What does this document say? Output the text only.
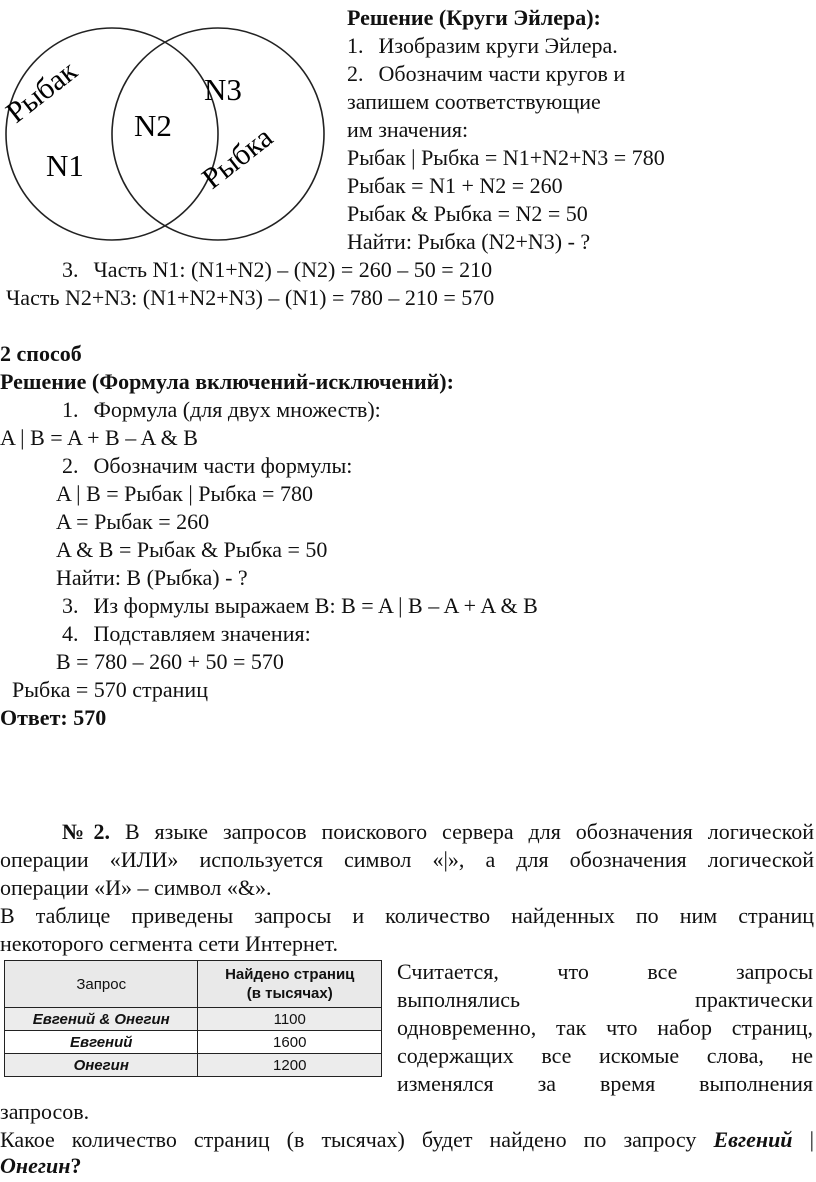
Рыбак
N1
N2
N3
Рыбка
Решение (Круги Эйлера):
1. Изобразим круги Эйлера.
2. Обозначим части кругов и
запишем соответствующие
им значения:
Рыбак | Рыбка = N1+N2+N3 = 780
Рыбак = N1 + N2 = 260
Рыбак & Рыбка = N2 = 50
Найти: Рыбка (N2+N3) - ?
3. Часть N1: (N1+N2) – (N2) = 260 – 50 = 210
Часть N2+N3: (N1+N2+N3) – (N1) = 780 – 210 = 570
2 способ
Решение (Формула включений-исключений):
1. Формула (для двух множеств):
A | B = A + B – A & B
2. Обозначим части формулы:
A | B = Рыбак | Рыбка = 780
A = Рыбак = 260
A & B = Рыбак & Рыбка = 50
Найти: B (Рыбка) - ?
3. Из формулы выражаем B: B = A | B – A + A & B
4. Подставляем значения:
B = 780 – 260 + 50 = 570
Рыбка = 570 страниц
Ответ: 570
№2. В языке запросов поискового сервера для обозначения логической
операции «ИЛИ» используется символ «|», а для обозначения логической
операции «И» – символ «&».
В таблице приведены запросы и количество найденных по ним страниц
некоторого сегмента сети Интернет.
Запрос	Найдено страниц
(в тысячах)
Евгений & Онегин	1100
Евгений	1600
Онегин	1200
Считается, что все запросы
выполнялись практически
одновременно, так что набор страниц,
содержащих все искомые слова, не
изменялся за время выполнения
запросов.
Какое количество страниц (в тысячах) будет найдено по запросу Евгений |
Онегин?
